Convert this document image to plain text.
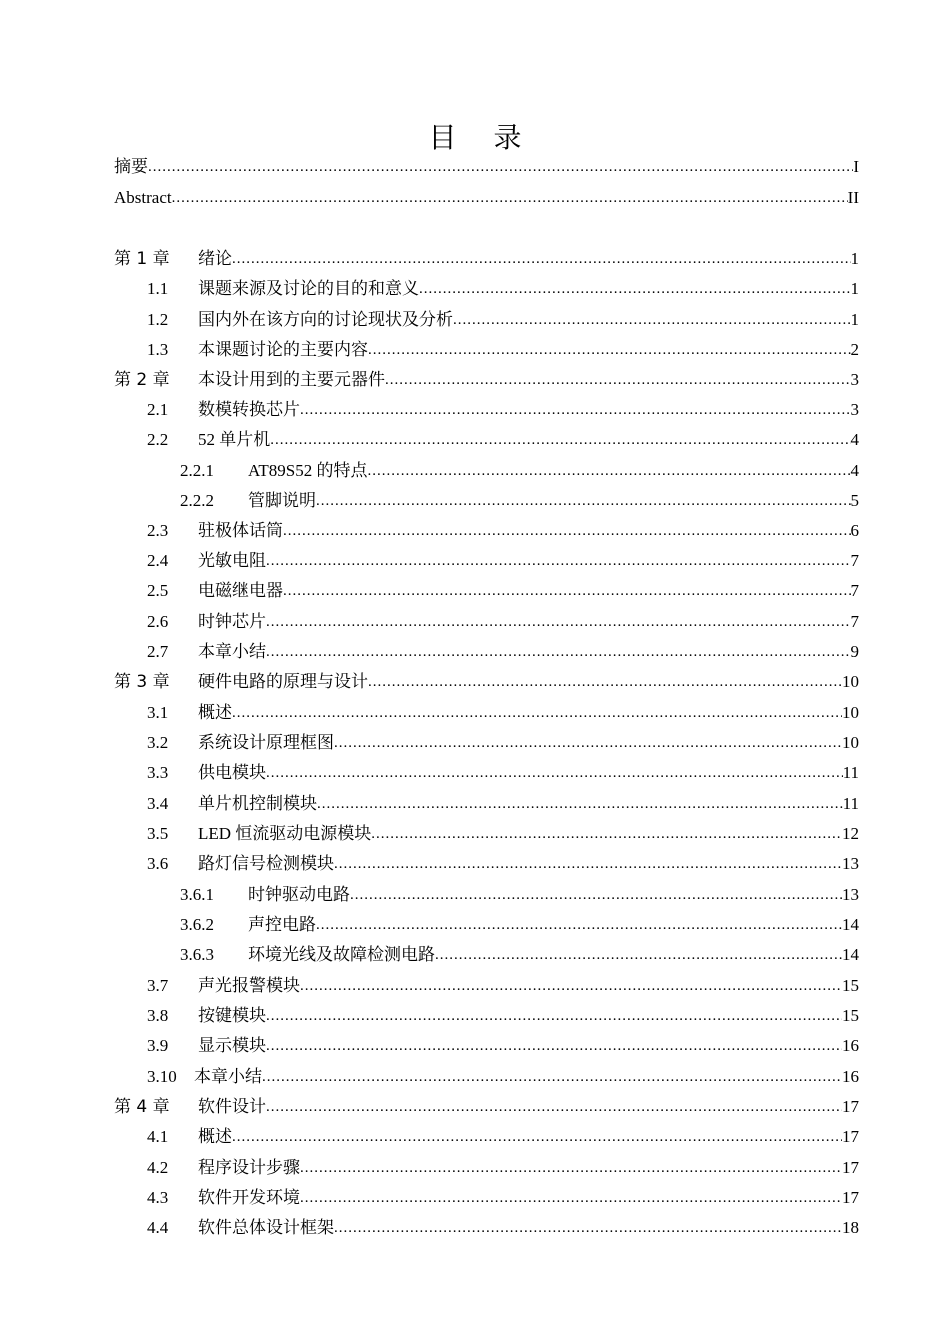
目 录
摘要 .....	I
Abstract .....	II
第 1 章 绪论 .....	1
1.1 课题来源及讨论的目的和意义 .....	1
1.2 国内外在该方向的讨论现状及分析 .....	1
1.3 本课题讨论的主要内容 .....	2
第 2 章 本设计用到的主要元器件 .....	3
2.1 数模转换芯片 .....	3
2.2 52 单片机 .....	4
2.2.1 AT89S52 的特点 .....	4
2.2.2 管脚说明 .....	5
2.3 驻极体话筒 .....	6
2.4 光敏电阻 .....	7
2.5 电磁继电器 .....	7
2.6 时钟芯片 .....	7
2.7 本章小结 .....	9
第 3 章 硬件电路的原理与设计 .....	10
3.1 概述 .....	10
3.2 系统设计原理框图 .....	10
3.3 供电模块 .....	11
3.4 单片机控制模块 .....	11
3.5 LED 恒流驱动电源模块 .....	12
3.6 路灯信号检测模块 .....	13
3.6.1 时钟驱动电路 .....	13
3.6.2 声控电路 .....	14
3.6.3 环境光线及故障检测电路 .....	14
3.7 声光报警模块 .....	15
3.8 按键模块 .....	15
3.9 显示模块 .....	16
3.10 本章小结 .....	16
第 4 章 软件设计 .....	17
4.1 概述 .....	17
4.2 程序设计步骤 .....	17
4.3 软件开发环境 .....	17
4.4 软件总体设计框架 .....	18
